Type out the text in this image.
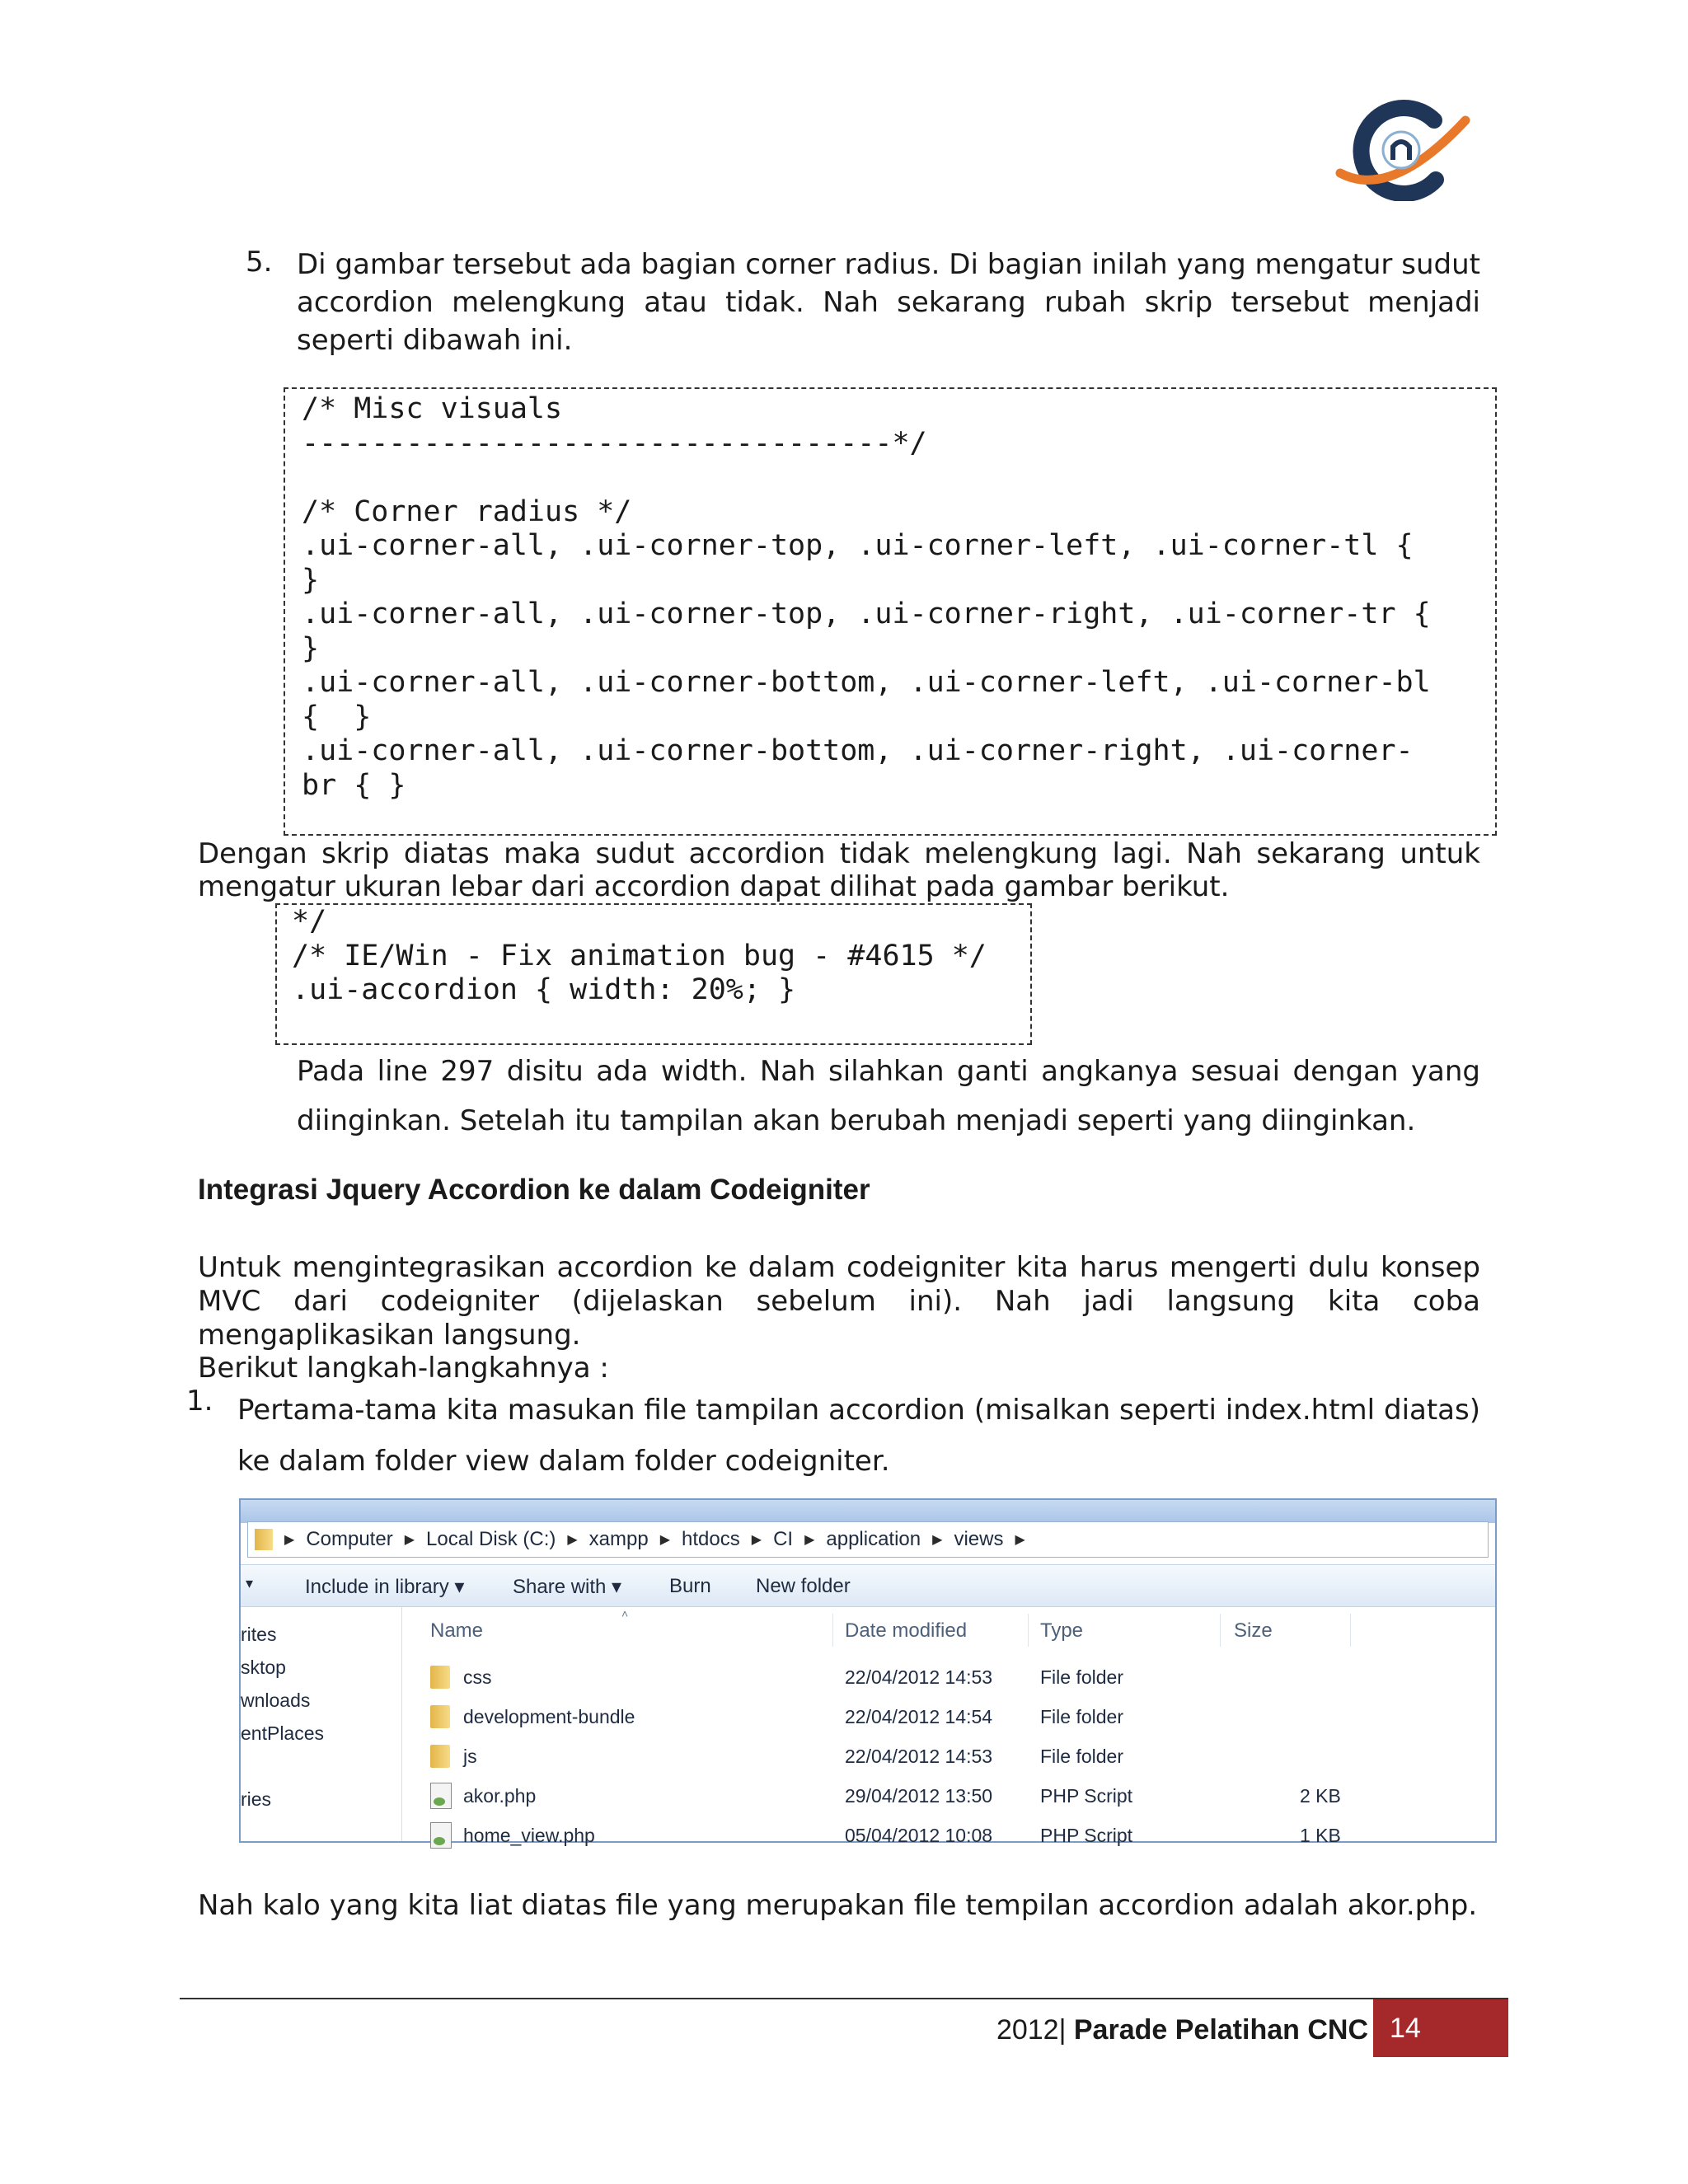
5. Di gambar tersebut ada bagian corner radius. Di bagian inilah yang mengatur sudut accordion melengkung atau tidak. Nah sekarang rubah skrip tersebut menjadi seperti dibawah ini.
/* Misc visuals
----------------------------------*/

/* Corner radius */
.ui-corner-all, .ui-corner-top, .ui-corner-left, .ui-corner-tl {
}
.ui-corner-all, .ui-corner-top, .ui-corner-right, .ui-corner-tr {
}
.ui-corner-all, .ui-corner-bottom, .ui-corner-left, .ui-corner-bl
{  }
.ui-corner-all, .ui-corner-bottom, .ui-corner-right, .ui-corner-
br { }
Dengan skrip diatas maka sudut accordion tidak melengkung lagi. Nah sekarang untuk mengatur ukuran lebar dari accordion dapat dilihat pada gambar berikut.
*/
/* IE/Win - Fix animation bug - #4615 */
.ui-accordion { width: 20%; }
Pada line 297 disitu ada width. Nah silahkan ganti angkanya sesuai dengan yang diinginkan. Setelah itu tampilan akan berubah menjadi seperti yang diinginkan.
Integrasi Jquery Accordion ke dalam Codeigniter
Untuk mengintegrasikan accordion ke dalam codeigniter kita harus mengerti dulu konsep MVC dari codeigniter (dijelaskan sebelum ini). Nah jadi langsung kita coba mengaplikasikan langsung.
Berikut langkah-langkahnya :
1. Pertama-tama kita masukan file tampilan accordion (misalkan seperti index.html diatas) ke dalam folder view dalam folder codeigniter.
▶ Computer ▶ Local Disk (C:) ▶ xampp ▶ htdocs ▶ CI ▶ application ▶ views ▶
▾	Include in library ▾ Share with ▾ Burn New folder
rites
sktop
wnloads
entPlaces
ries
˄
Name	Date modified	Type	Size
css	22/04/2012 14:53	File folder
development-bundle	22/04/2012 14:54	File folder
js	22/04/2012 14:53	File folder
akor.php	29/04/2012 13:50	PHP Script	2 KB
home_view.php	05/04/2012 10:08	PHP Script	1 KB
Nah kalo yang kita liat diatas file yang merupakan file tempilan accordion adalah akor.php.
2012| Parade Pelatihan CNC 14
